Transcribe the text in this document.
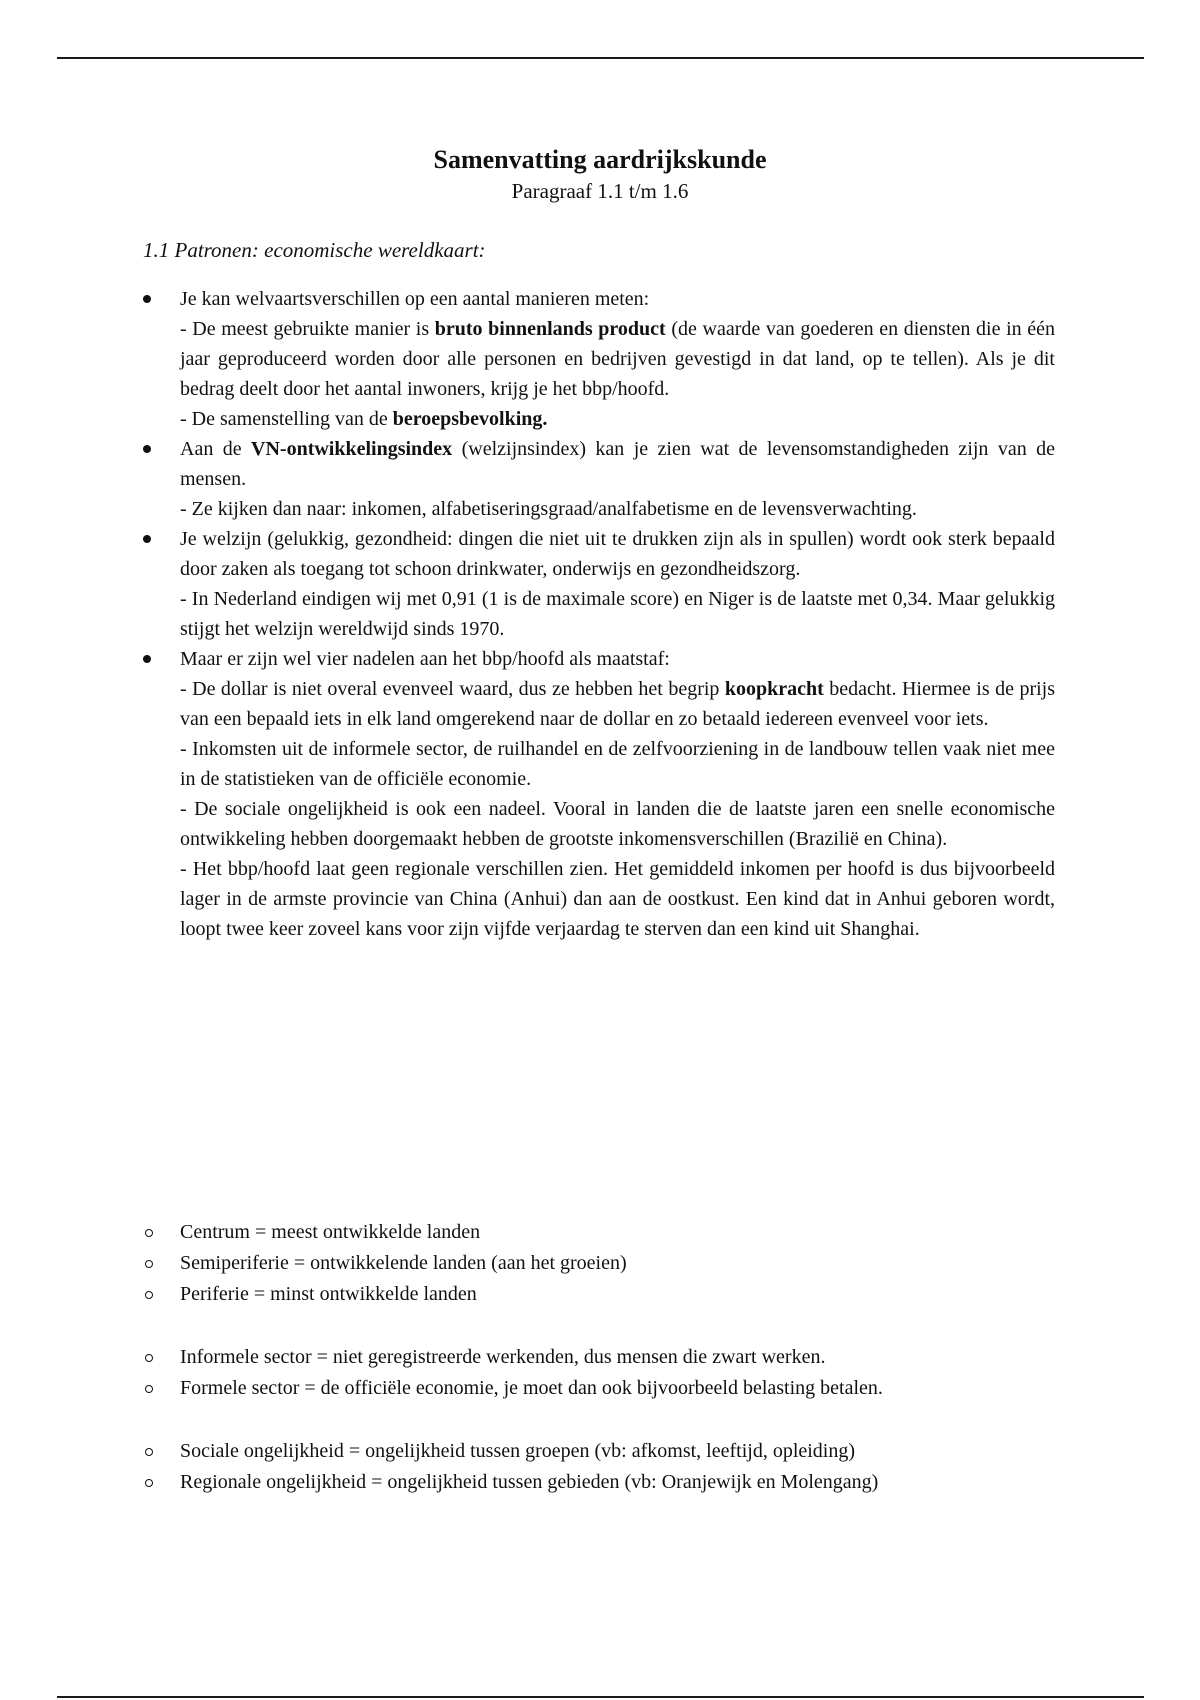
Samenvatting aardrijkskunde
Paragraaf 1.1 t/m 1.6
1.1 Patronen: economische wereldkaart:
Je kan welvaartsverschillen op een aantal manieren meten:
- De meest gebruikte manier is bruto binnenlands product (de waarde van goederen en diensten die in één jaar geproduceerd worden door alle personen en bedrijven gevestigd in dat land, op te tellen). Als je dit bedrag deelt door het aantal inwoners, krijg je het bbp/hoofd.
- De samenstelling van de beroepsbevolking.
Aan de VN-ontwikkelingsindex (welzijnsindex) kan je zien wat de levensomstandigheden zijn van de mensen.
- Ze kijken dan naar: inkomen, alfabetiseringsgraad/analfabetisme en de levensverwachting.
Je welzijn (gelukkig, gezondheid: dingen die niet uit te drukken zijn als in spullen) wordt ook sterk bepaald door zaken als toegang tot schoon drinkwater, onderwijs en gezondheidszorg.
- In Nederland eindigen wij met 0,91 (1 is de maximale score) en Niger is de laatste met 0,34. Maar gelukkig stijgt het welzijn wereldwijd sinds 1970.
Maar er zijn wel vier nadelen aan het bbp/hoofd als maatstaf:
- De dollar is niet overal evenveel waard, dus ze hebben het begrip koopkracht bedacht. Hiermee is de prijs van een bepaald iets in elk land omgerekend naar de dollar en zo betaald iedereen evenveel voor iets.
- Inkomsten uit de informele sector, de ruilhandel en de zelfvoorziening in de landbouw tellen vaak niet mee in de statistieken van de officiële economie.
- De sociale ongelijkheid is ook een nadeel. Vooral in landen die de laatste jaren een snelle economische ontwikkeling hebben doorgemaakt hebben de grootste inkomensverschillen (Brazilië en China).
- Het bbp/hoofd laat geen regionale verschillen zien. Het gemiddeld inkomen per hoofd is dus bijvoorbeeld lager in de armste provincie van China (Anhui) dan aan de oostkust. Een kind dat in Anhui geboren wordt, loopt twee keer zoveel kans voor zijn vijfde verjaardag te sterven dan een kind uit Shanghai.
Centrum = meest ontwikkelde landen
Semiperiferie = ontwikkelende landen (aan het groeien)
Periferie = minst ontwikkelde landen
Informele sector = niet geregistreerde werkenden, dus mensen die zwart werken.
Formele sector = de officiële economie, je moet dan ook bijvoorbeeld belasting betalen.
Sociale ongelijkheid = ongelijkheid tussen groepen (vb: afkomst, leeftijd, opleiding)
Regionale ongelijkheid = ongelijkheid tussen gebieden (vb: Oranjewijk en Molengang)
